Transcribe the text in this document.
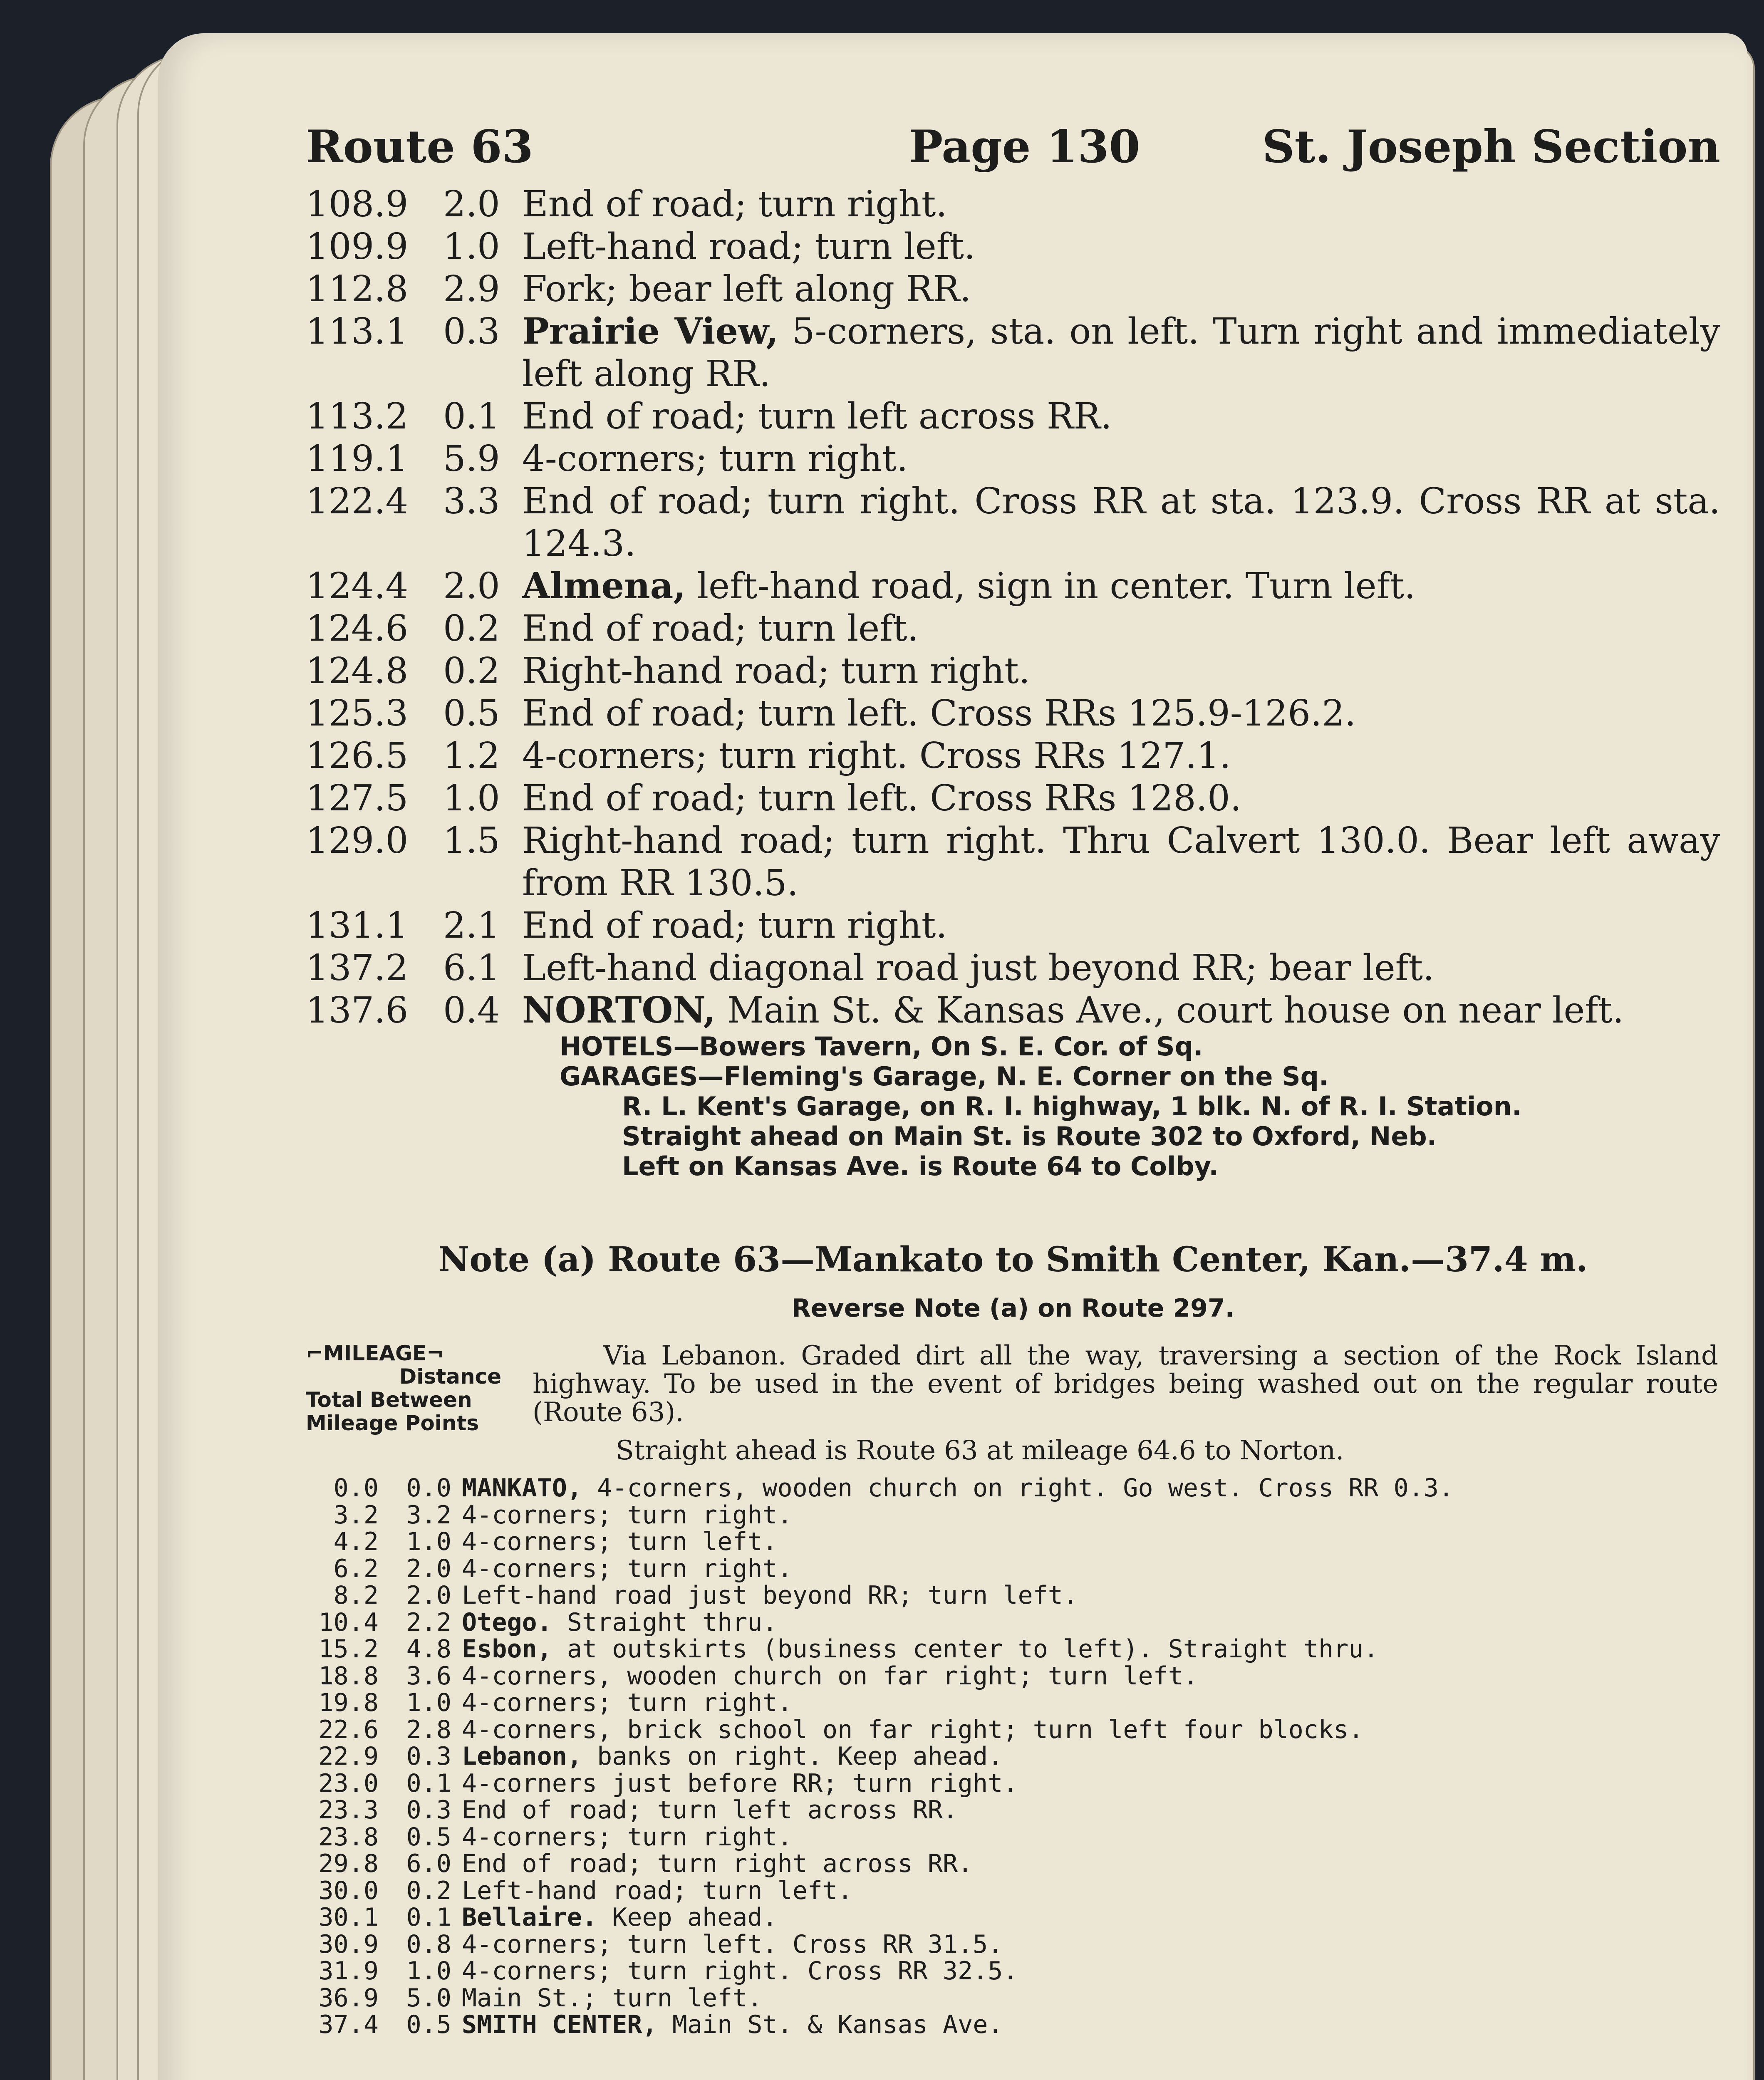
Route 63	Page 130	St. Joseph Section
108.9 2.0 End of road; turn right.
109.9 1.0 Left-hand road; turn left.
112.8 2.9 Fork; bear left along RR.
113.1 0.3 Prairie View, 5-corners, sta. on left. Turn right and immediately left along RR.
113.2 0.1 End of road; turn left across RR.
119.1 5.9 4-corners; turn right.
122.4 3.3 End of road; turn right. Cross RR at sta. 123.9. Cross RR at sta. 124.3.
124.4 2.0 Almena, left-hand road, sign in center. Turn left.
124.6 0.2 End of road; turn left.
124.8 0.2 Right-hand road; turn right.
125.3 0.5 End of road; turn left. Cross RRs 125.9-126.2.
126.5 1.2 4-corners; turn right. Cross RRs 127.1.
127.5 1.0 End of road; turn left. Cross RRs 128.0.
129.0 1.5 Right-hand road; turn right. Thru Calvert 130.0. Bear left away from RR 130.5.
131.1 2.1 End of road; turn right.
137.2 6.1 Left-hand diagonal road just beyond RR; bear left.
137.6 0.4 NORTON, Main St. & Kansas Ave., court house on near left.
HOTELS—Bowers Tavern, On S. E. Cor. of Sq.
GARAGES—Fleming's Garage, N. E. Corner on the Sq.
R. L. Kent's Garage, on R. I. highway, 1 blk. N. of R. I. Station.
Straight ahead on Main St. is Route 302 to Oxford, Neb.
Left on Kansas Ave. is Route 64 to Colby.
Note (a) Route 63—Mankato to Smith Center, Kan.—37.4 m.
Reverse Note (a) on Route 297.
⌐MILEAGE¬
Distance
Total Between
Mileage Points
Via Lebanon. Graded dirt all the way, traversing a section of the Rock Island highway. To be used in the event of bridges being washed out on the regular route (Route 63).
Straight ahead is Route 63 at mileage 64.6 to Norton.
0.0	0.0 MANKATO, 4-corners, wooden church on right. Go west. Cross RR 0.3.
3.2	3.2 4-corners; turn right.
4.2	1.0 4-corners; turn left.
6.2	2.0 4-corners; turn right.
8.2	2.0 Left-hand road just beyond RR; turn left.
10.4	2.2 Otego. Straight thru.
15.2	4.8 Esbon, at outskirts (business center to left). Straight thru.
18.8	3.6 4-corners, wooden church on far right; turn left.
19.8	1.0 4-corners; turn right.
22.6	2.8 4-corners, brick school on far right; turn left four blocks.
22.9	0.3 Lebanon, banks on right. Keep ahead.
23.0	0.1 4-corners just before RR; turn right.
23.3	0.3 End of road; turn left across RR.
23.8	0.5 4-corners; turn right.
29.8	6.0 End of road; turn right across RR.
30.0	0.2 Left-hand road; turn left.
30.1	0.1 Bellaire. Keep ahead.
30.9	0.8 4-corners; turn left. Cross RR 31.5.
31.9	1.0 4-corners; turn right. Cross RR 32.5.
36.9	5.0 Main St.; turn left.
37.4	0.5 SMITH CENTER, Main St. & Kansas Ave.
